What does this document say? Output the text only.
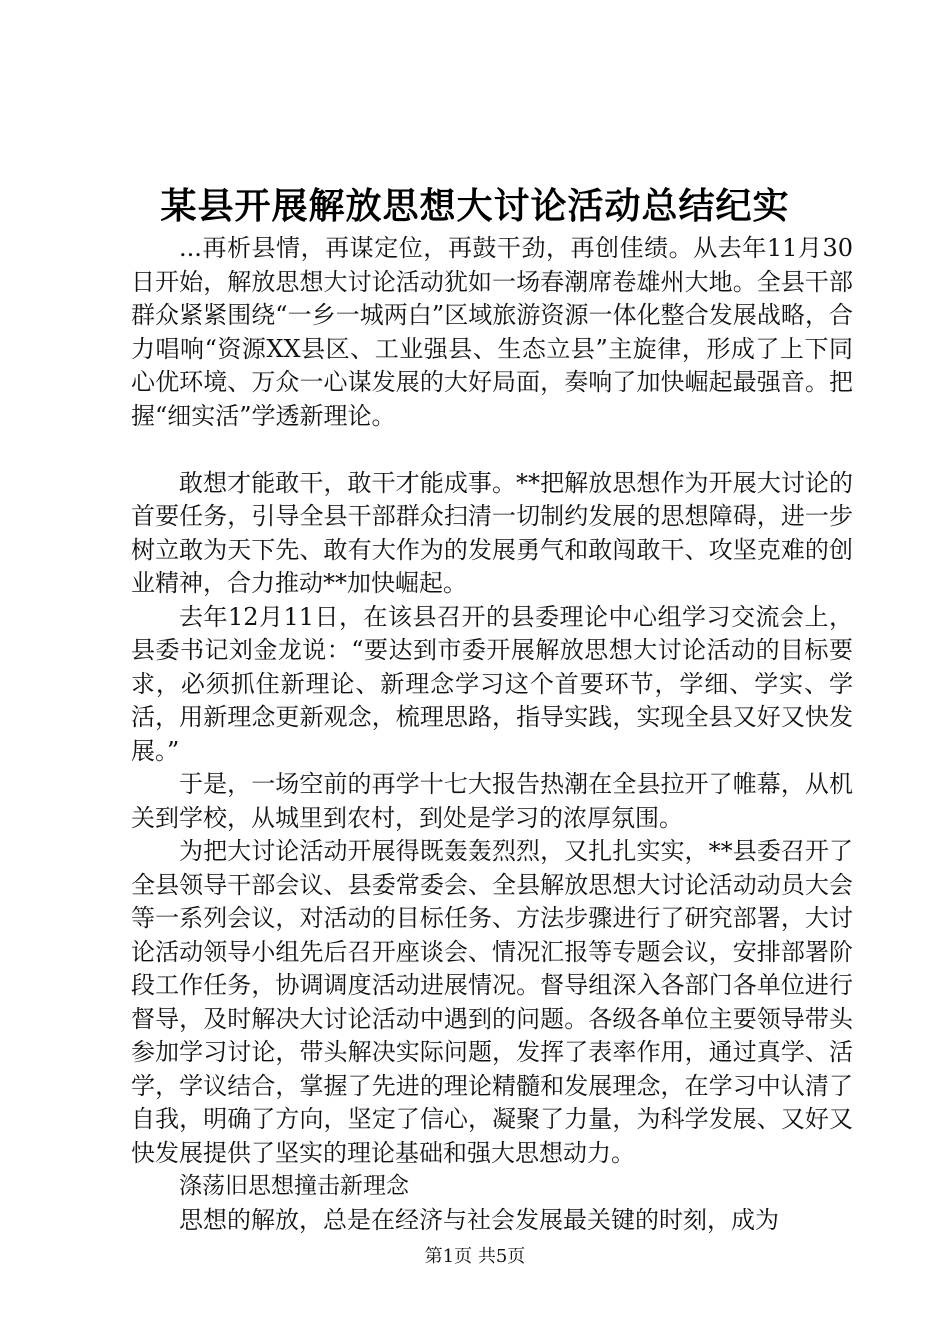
某县开展解放思想大讨论活动总结纪实

...再析县情，再谋定位，再鼓干劲，再创佳绩。从去年11月30日开始，解放思想大讨论活动犹如一场春潮席卷雄州大地。全县干部群众紧紧围绕“一乡一城两白”区域旅游资源一体化整合发展战略，合力唱响“资源XX县区、工业强县、生态立县”主旋律，形成了上下同心优环境、万众一心谋发展的大好局面，奏响了加快崛起最强音。把握“细实活”学透新理论。

敢想才能敢干，敢干才能成事。**把解放思想作为开展大讨论的首要任务，引导全县干部群众扫清一切制约发展的思想障碍，进一步树立敢为天下先、敢有大作为的发展勇气和敢闯敢干、攻坚克难的创业精神，合力推动**加快崛起。

去年12月11日，在该县召开的县委理论中心组学习交流会上，县委书记刘金龙说：“要达到市委开展解放思想大讨论活动的目标要求，必须抓住新理论、新理念学习这个首要环节，学细、学实、学活，用新理念更新观念，梳理思路，指导实践，实现全县又好又快发展。”

于是，一场空前的再学十七大报告热潮在全县拉开了帷幕，从机关到学校，从城里到农村，到处是学习的浓厚氛围。

为把大讨论活动开展得既轰轰烈烈，又扎扎实实，**县委召开了全县领导干部会议、县委常委会、全县解放思想大讨论活动动员大会等一系列会议，对活动的目标任务、方法步骤进行了研究部署，大讨论活动领导小组先后召开座谈会、情况汇报等专题会议，安排部署阶段工作任务，协调调度活动进展情况。督导组深入各部门各单位进行督导，及时解决大讨论活动中遇到的问题。各级各单位主要领导带头参加学习讨论，带头解决实际问题，发挥了表率作用，通过真学、活学，学议结合，掌握了先进的理论精髓和发展理念，在学习中认清了自我，明确了方向，坚定了信心，凝聚了力量，为科学发展、又好又快发展提供了坚实的理论基础和强大思想动力。

涤荡旧思想撞击新理念

思想的解放，总是在经济与社会发展最关键的时刻，成为

第1页 共5页
